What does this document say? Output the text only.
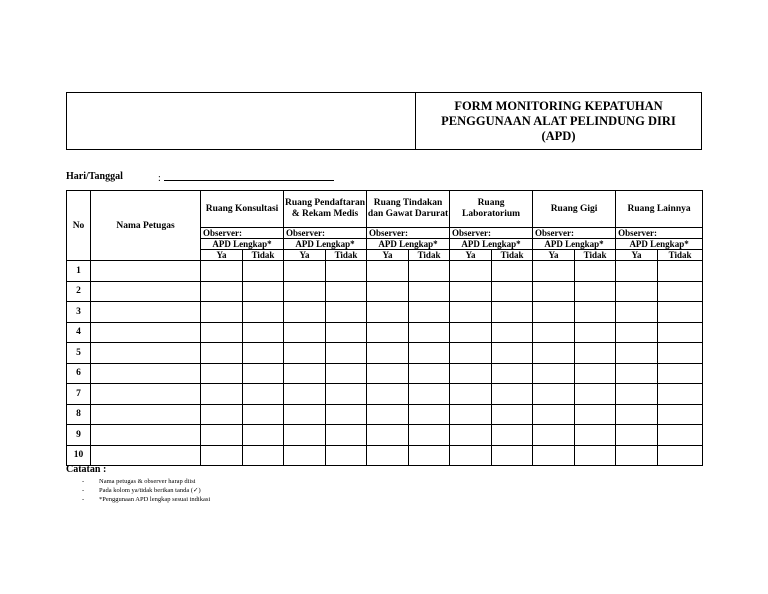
FORM MONITORING KEPATUHAN
PENGGUNAAN ALAT PELINDUNG DIRI
(APD)
Hari/Tanggal	:
No	Nama Petugas	Ruang Konsultasi		Ruang Pendaftaran & Rekam Medis		Ruang Tindakan dan Gawat Darurat		Ruang Laboratorium		Ruang Gigi		Ruang Lainnya	
		Observer:		Observer:		Observer:		Observer:		Observer:		Observer:	
		APD Lengkap*		APD Lengkap*		APD Lengkap*		APD Lengkap*		APD Lengkap*		APD Lengkap*	
		Ya	Tidak	Ya	Tidak	Ya	Tidak	Ya	Tidak	Ya	Tidak	Ya	Tidak
1													
2													
3													
4													
5													
6													
7													
8													
9													
10													
Catatan :
- Nama petugas & observer harap diisi
- Pada kolom ya/tidak berikan tanda (✓)
- *Penggunaan APD lengkap sesuai indikasi
